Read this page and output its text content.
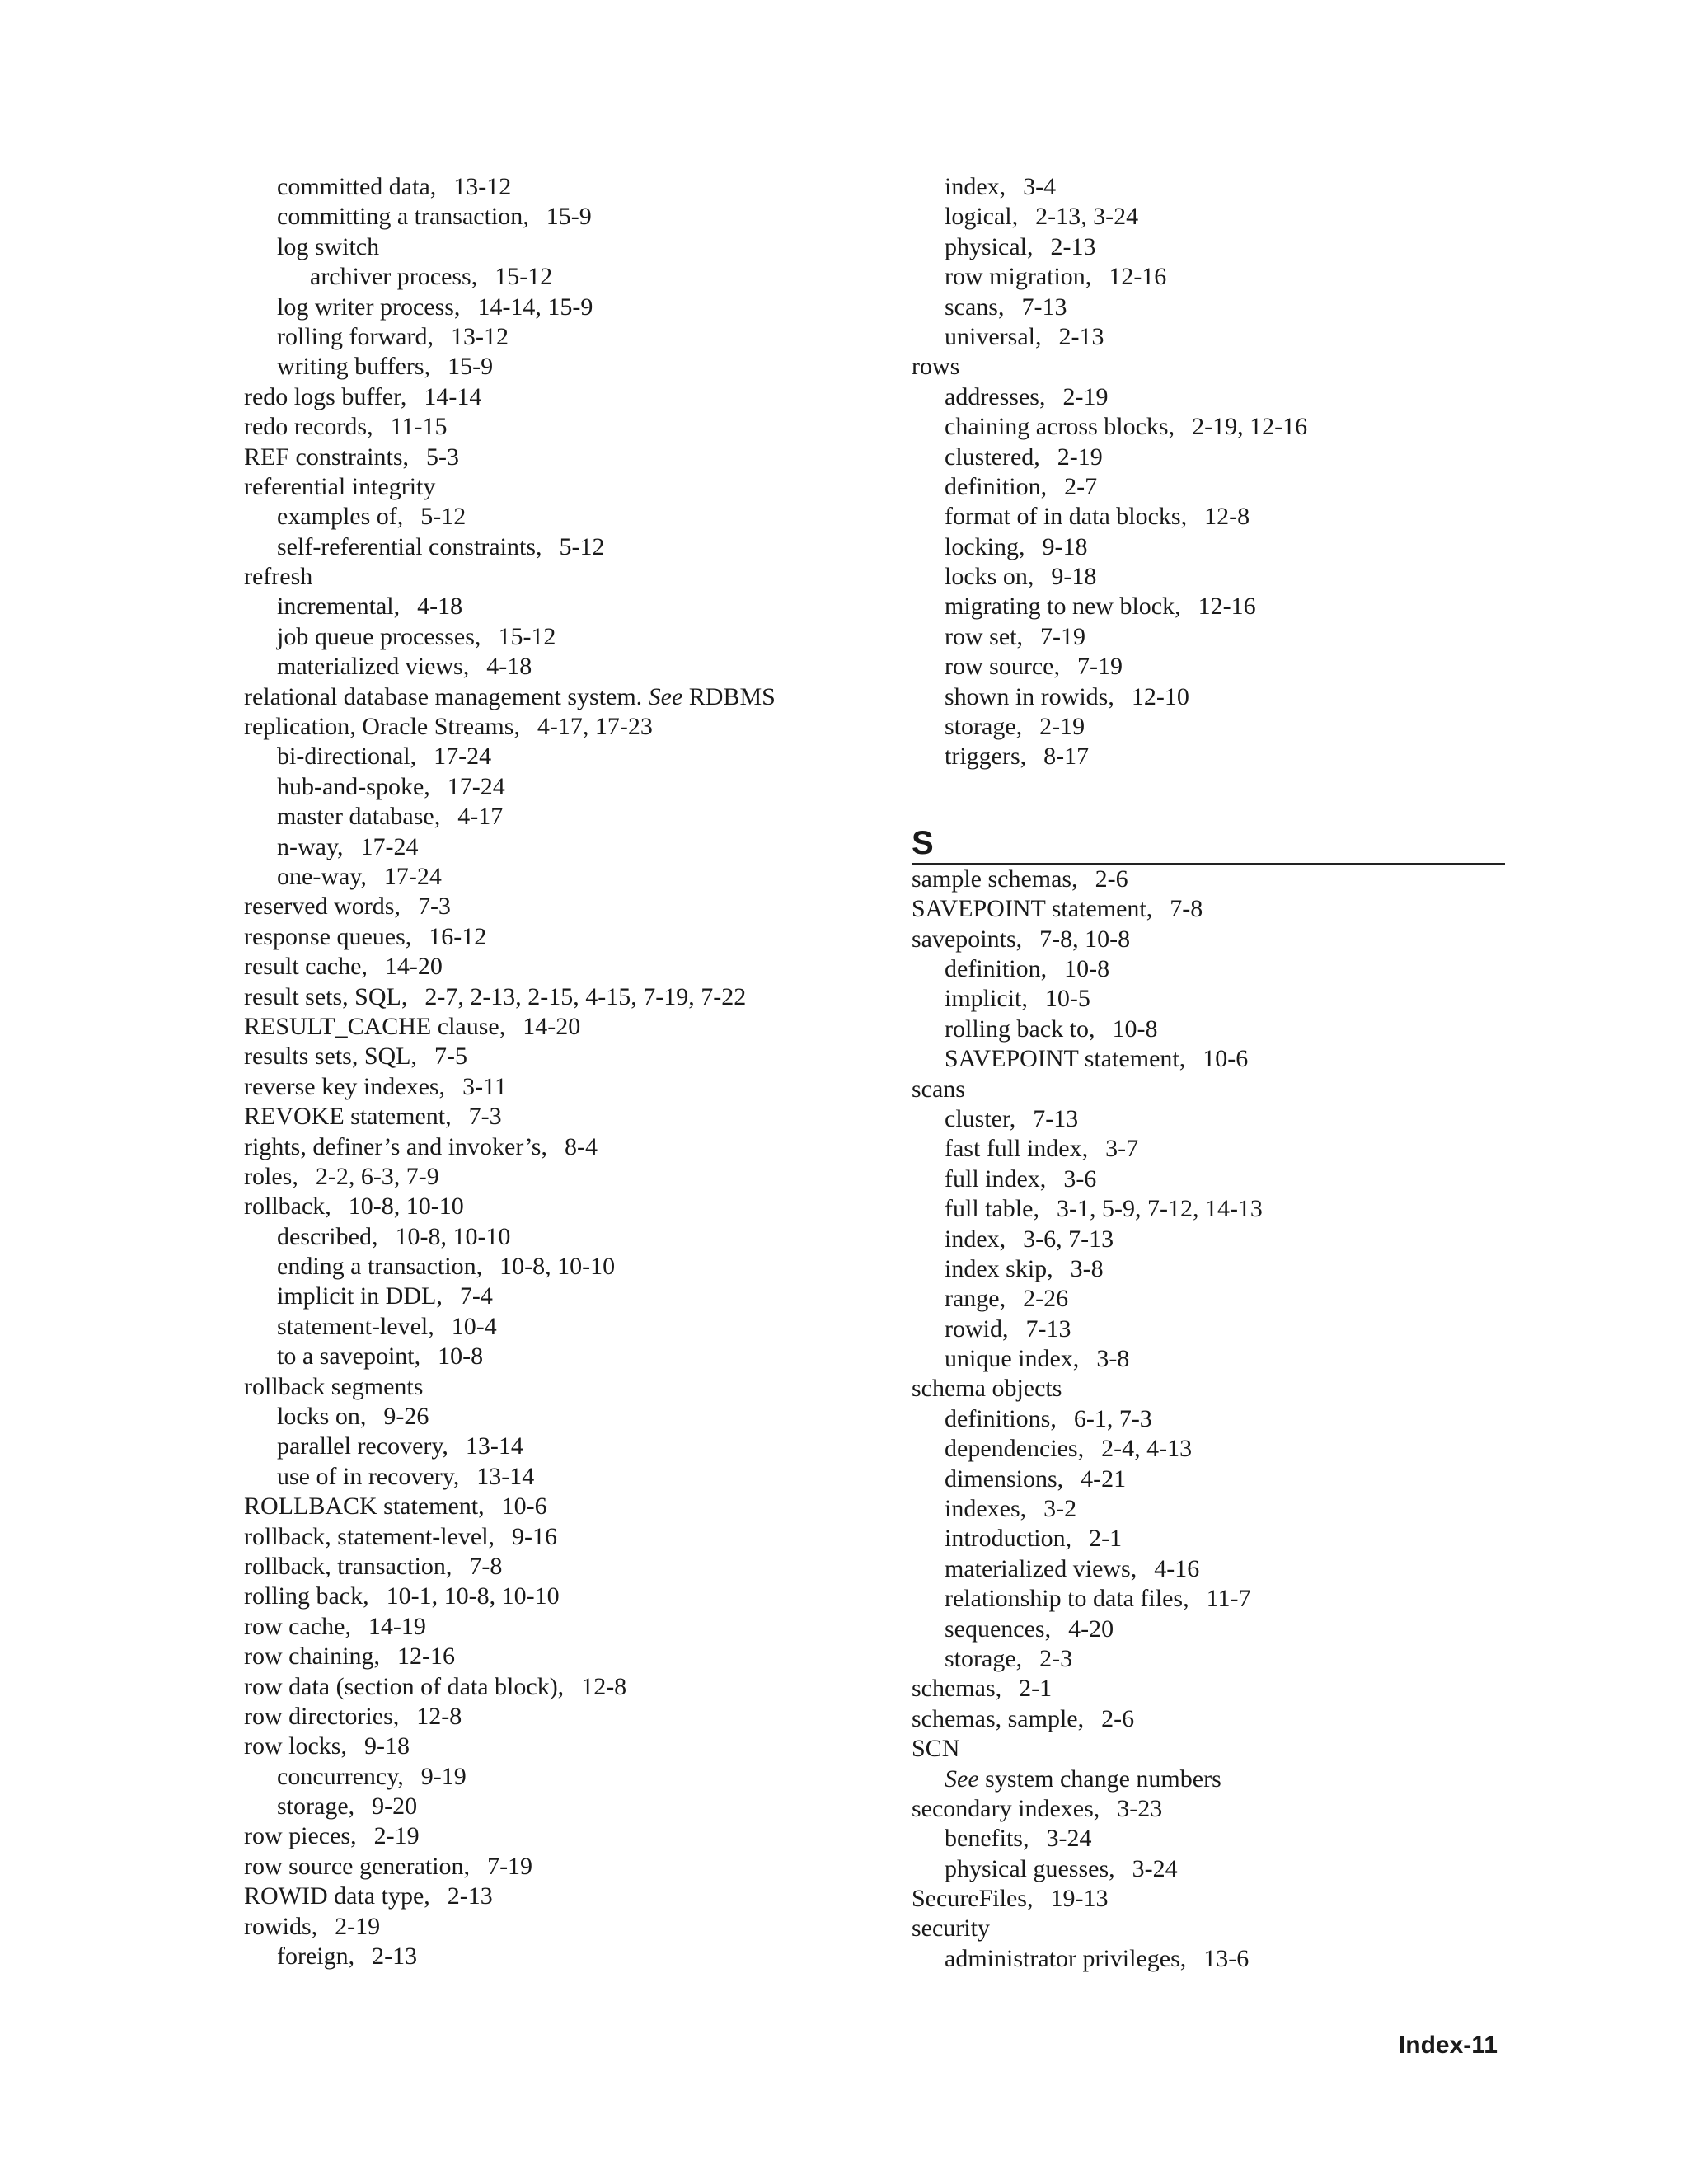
committed data, 13-12
committing a transaction, 15-9
log switch
archiver process, 15-12
log writer process, 14-14, 15-9
rolling forward, 13-12
writing buffers, 15-9
redo logs buffer, 14-14
redo records, 11-15
REF constraints, 5-3
referential integrity
examples of, 5-12
self-referential constraints, 5-12
refresh
incremental, 4-18
job queue processes, 15-12
materialized views, 4-18
relational database management system. See RDBMS
replication, Oracle Streams, 4-17, 17-23
bi-directional, 17-24
hub-and-spoke, 17-24
master database, 4-17
n-way, 17-24
one-way, 17-24
reserved words, 7-3
response queues, 16-12
result cache, 14-20
result sets, SQL, 2-7, 2-13, 2-15, 4-15, 7-19, 7-22
RESULT_CACHE clause, 14-20
results sets, SQL, 7-5
reverse key indexes, 3-11
REVOKE statement, 7-3
rights, definer’s and invoker’s, 8-4
roles, 2-2, 6-3, 7-9
rollback, 10-8, 10-10
described, 10-8, 10-10
ending a transaction, 10-8, 10-10
implicit in DDL, 7-4
statement-level, 10-4
to a savepoint, 10-8
rollback segments
locks on, 9-26
parallel recovery, 13-14
use of in recovery, 13-14
ROLLBACK statement, 10-6
rollback, statement-level, 9-16
rollback, transaction, 7-8
rolling back, 10-1, 10-8, 10-10
row cache, 14-19
row chaining, 12-16
row data (section of data block), 12-8
row directories, 12-8
row locks, 9-18
concurrency, 9-19
storage, 9-20
row pieces, 2-19
row source generation, 7-19
ROWID data type, 2-13
rowids, 2-19
foreign, 2-13
index, 3-4
logical, 2-13, 3-24
physical, 2-13
row migration, 12-16
scans, 7-13
universal, 2-13
rows
addresses, 2-19
chaining across blocks, 2-19, 12-16
clustered, 2-19
definition, 2-7
format of in data blocks, 12-8
locking, 9-18
locks on, 9-18
migrating to new block, 12-16
row set, 7-19
row source, 7-19
shown in rowids, 12-10
storage, 2-19
triggers, 8-17
S
sample schemas, 2-6
SAVEPOINT statement, 7-8
savepoints, 7-8, 10-8
definition, 10-8
implicit, 10-5
rolling back to, 10-8
SAVEPOINT statement, 10-6
scans
cluster, 7-13
fast full index, 3-7
full index, 3-6
full table, 3-1, 5-9, 7-12, 14-13
index, 3-6, 7-13
index skip, 3-8
range, 2-26
rowid, 7-13
unique index, 3-8
schema objects
definitions, 6-1, 7-3
dependencies, 2-4, 4-13
dimensions, 4-21
indexes, 3-2
introduction, 2-1
materialized views, 4-16
relationship to data files, 11-7
sequences, 4-20
storage, 2-3
schemas, 2-1
schemas, sample, 2-6
SCN
See system change numbers
secondary indexes, 3-23
benefits, 3-24
physical guesses, 3-24
SecureFiles, 19-13
security
administrator privileges, 13-6
Index-11
